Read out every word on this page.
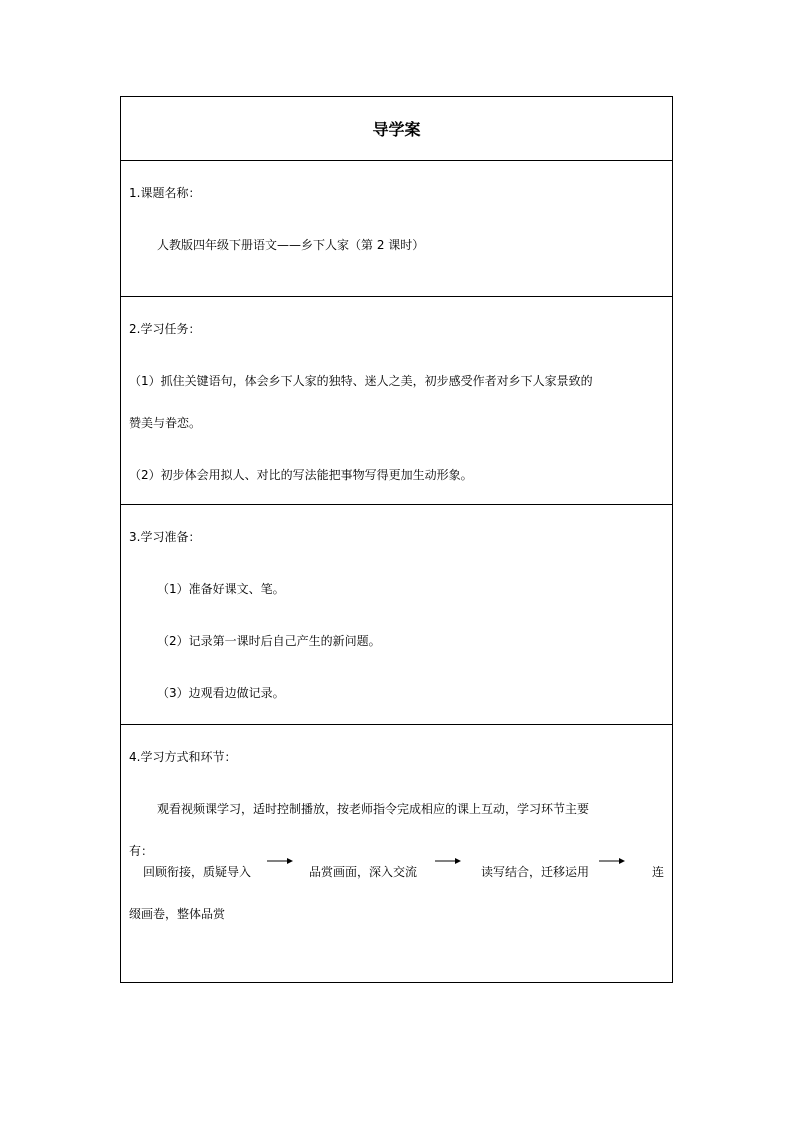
导学案
1.课题名称：
人教版四年级下册语文——乡下人家（第 2 课时）
2.学习任务：
（1）抓住关键语句，体会乡下人家的独特、迷人之美，初步感受作者对乡下人家景致的
赞美与眷恋。
（2）初步体会用拟人、对比的写法能把事物写得更加生动形象。
3.学习准备：
（1）准备好课文、笔。
（2）记录第一课时后自己产生的新问题。
（3）边观看边做记录。
4.学习方式和环节：
观看视频课学习，适时控制播放，按老师指令完成相应的课上互动，学习环节主要
有：
回顾衔接，质疑导入	品赏画面，深入交流	读写结合，迁移运用	连
缀画卷，整体品赏
